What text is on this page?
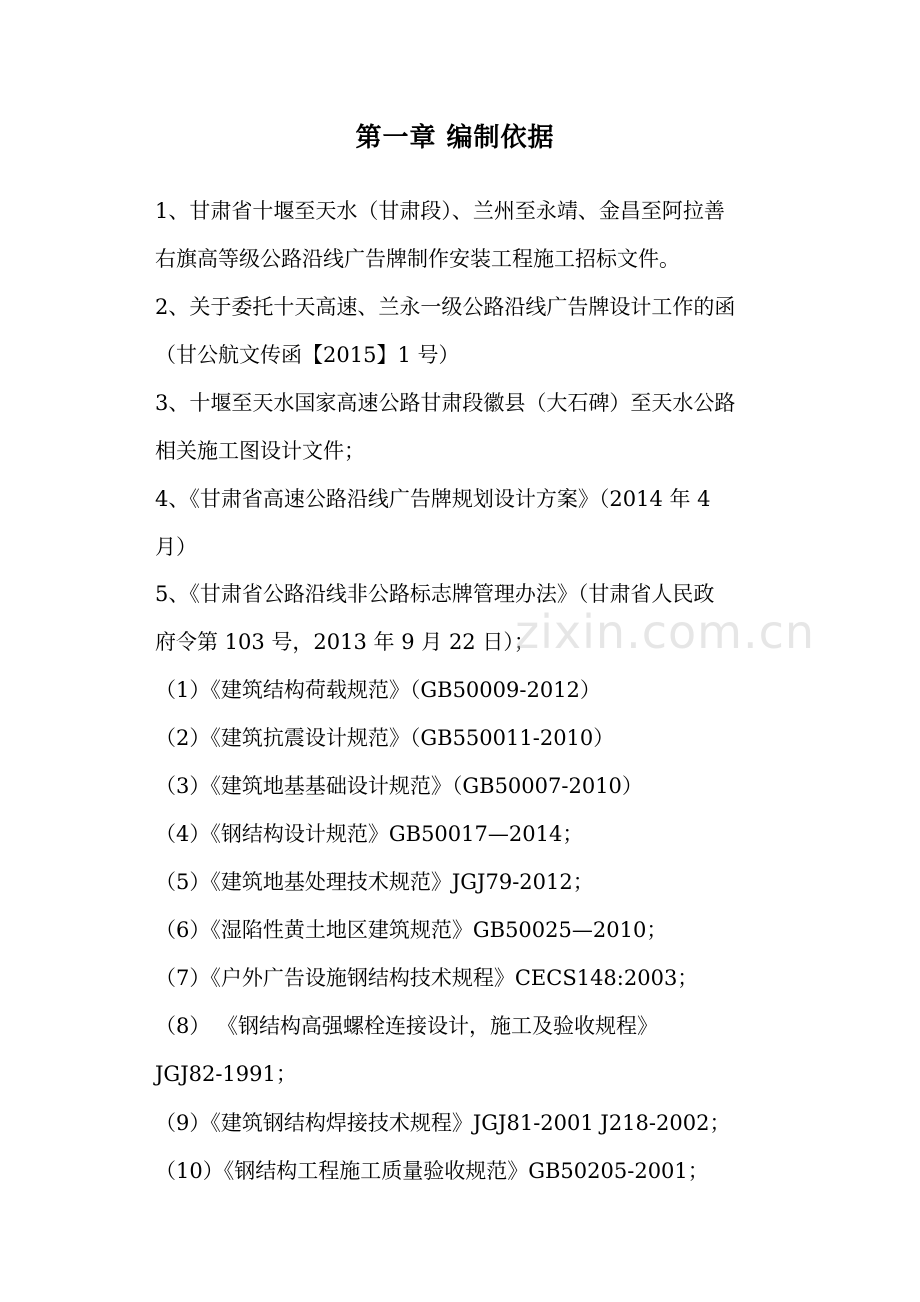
第一章 编制依据
1、甘肃省十堰至天水（甘肃段）、兰州至永靖、金昌至阿拉善
右旗高等级公路沿线广告牌制作安装工程施工招标文件。
2、关于委托十天高速、兰永一级公路沿线广告牌设计工作的函
（甘公航文传函【2015】1 号）
3、十堰至天水国家高速公路甘肃段徽县（大石碑）至天水公路
相关施工图设计文件；
4、《甘肃省高速公路沿线广告牌规划设计方案》（2014 年 4
月）
5、《甘肃省公路沿线非公路标志牌管理办法》（甘肃省人民政
府令第 103 号，2013 年 9 月 22 日）；
（1）《建筑结构荷载规范》（GB50009-2012）
（2）《建筑抗震设计规范》（GB550011-2010）
（3）《建筑地基基础设计规范》（GB50007-2010）
（4）《钢结构设计规范》GB50017—2014；
（5）《建筑地基处理技术规范》JGJ79-2012；
（6）《湿陷性黄土地区建筑规范》GB50025—2010；
（7）《户外广告设施钢结构技术规程》CECS148:2003；
（8） 《钢结构高强螺栓连接设计，施工及验收规程》
JGJ82-1991；
（9）《建筑钢结构焊接技术规程》JGJ81-2001 J218-2002；
（10）《钢结构工程施工质量验收规范》GB50205-2001；
zixin.com.cn
